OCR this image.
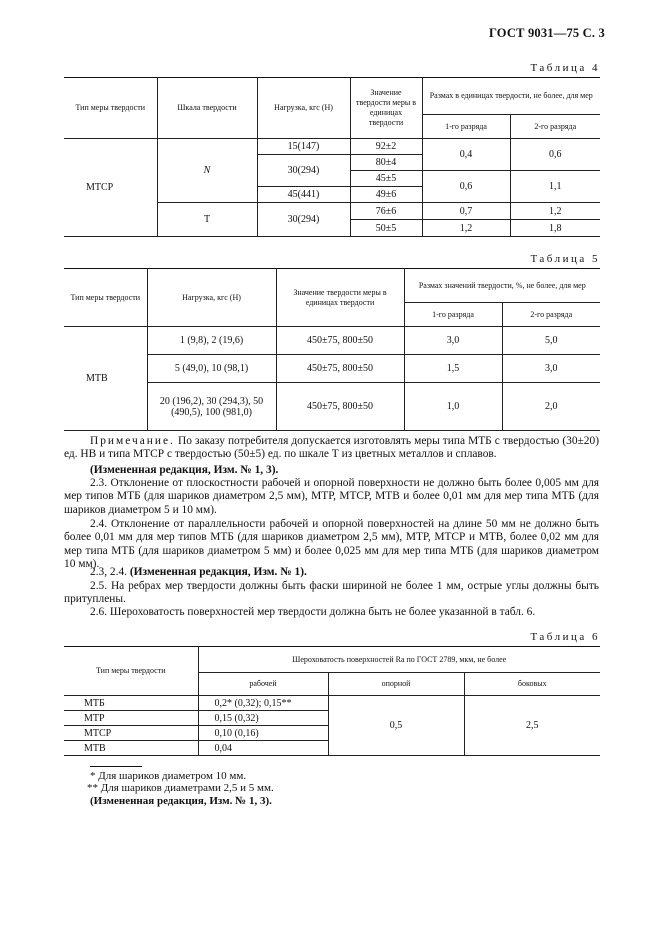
ГОСТ 9031—75 С. 3
Таблица 4
Тип меры твердости	Шкала твердости	Нагрузка, кгс (Н)	Значение твердости меры в единицах твердости	Размах в единицах твердости, не более, для мер	
				1-го разряда	2-го разряда
МТСР	N	15(147)	92±2	0,4	0,6
		30(294)	80±4		
			45±5	0,6	1,1
		45(441)	49±6		
	Т	30(294)	76±6	0,7	1,2
			50±5	1,2	1,8
Таблица 5
Тип меры твердости	Нагрузка, кгс (Н)	Значение твердости меры в единицах твердости	Размах значений твердости, %, не более, для мер	
			1-го разряда	2-го разряда
МТВ	1 (9,8), 2 (19,6)	450±75, 800±50	3,0	5,0
	5 (49,0), 10 (98,1)	450±75, 800±50	1,5	3,0
	20 (196,2), 30 (294,3), 50 (490,5), 100 (981,0)	450±75, 800±50	1,0	2,0
Примечание. По заказу потребителя допускается изготовлять меры типа МТБ с твердостью (30±20) ед. НВ и типа МТСР с твердостью (50±5) ед. по шкале Т из цветных металлов и сплавов.
(Измененная редакция, Изм. № 1, 3).
2.3. Отклонение от плоскостности рабочей и опорной поверхности не должно быть более 0,005 мм для мер типов МТБ (для шариков диаметром 2,5 мм), МТР, МТСР, МТВ и более 0,01 мм для мер типа МТБ (для шариков диаметром 5 и 10 мм).
2.4. Отклонение от параллельности рабочей и опорной поверхностей на длине 50 мм не должно быть более 0,01 мм для мер типов МТБ (для шариков диаметром 2,5 мм), МТР, МТСР и МТВ, более 0,02 мм для мер типа МТБ (для шариков диаметром 5 мм) и более 0,025 мм для мер типа МТБ (для шариков диаметром 10 мм).
2.3, 2.4. (Измененная редакция, Изм. № 1).
2.5. На ребрах мер твердости должны быть фаски шириной не более 1 мм, острые углы должны быть притуплены.
2.6. Шероховатость поверхностей мер твердости должна быть не более указанной в табл. 6.
Таблица 6
Тип меры твердости	Шероховатость поверхностей Ra по ГОСТ 2789, мкм, не более		
	рабочей	опорной	боковых
МТБ	0,2* (0,32); 0,15**	0,5	2,5
МТР	0,15 (0,32)		
МТСР	0,10 (0,16)		
МТВ	0,04		
* Для шариков диаметром 10 мм.
** Для шариков диаметрами 2,5 и 5 мм.
(Измененная редакция, Изм. № 1, 3).
